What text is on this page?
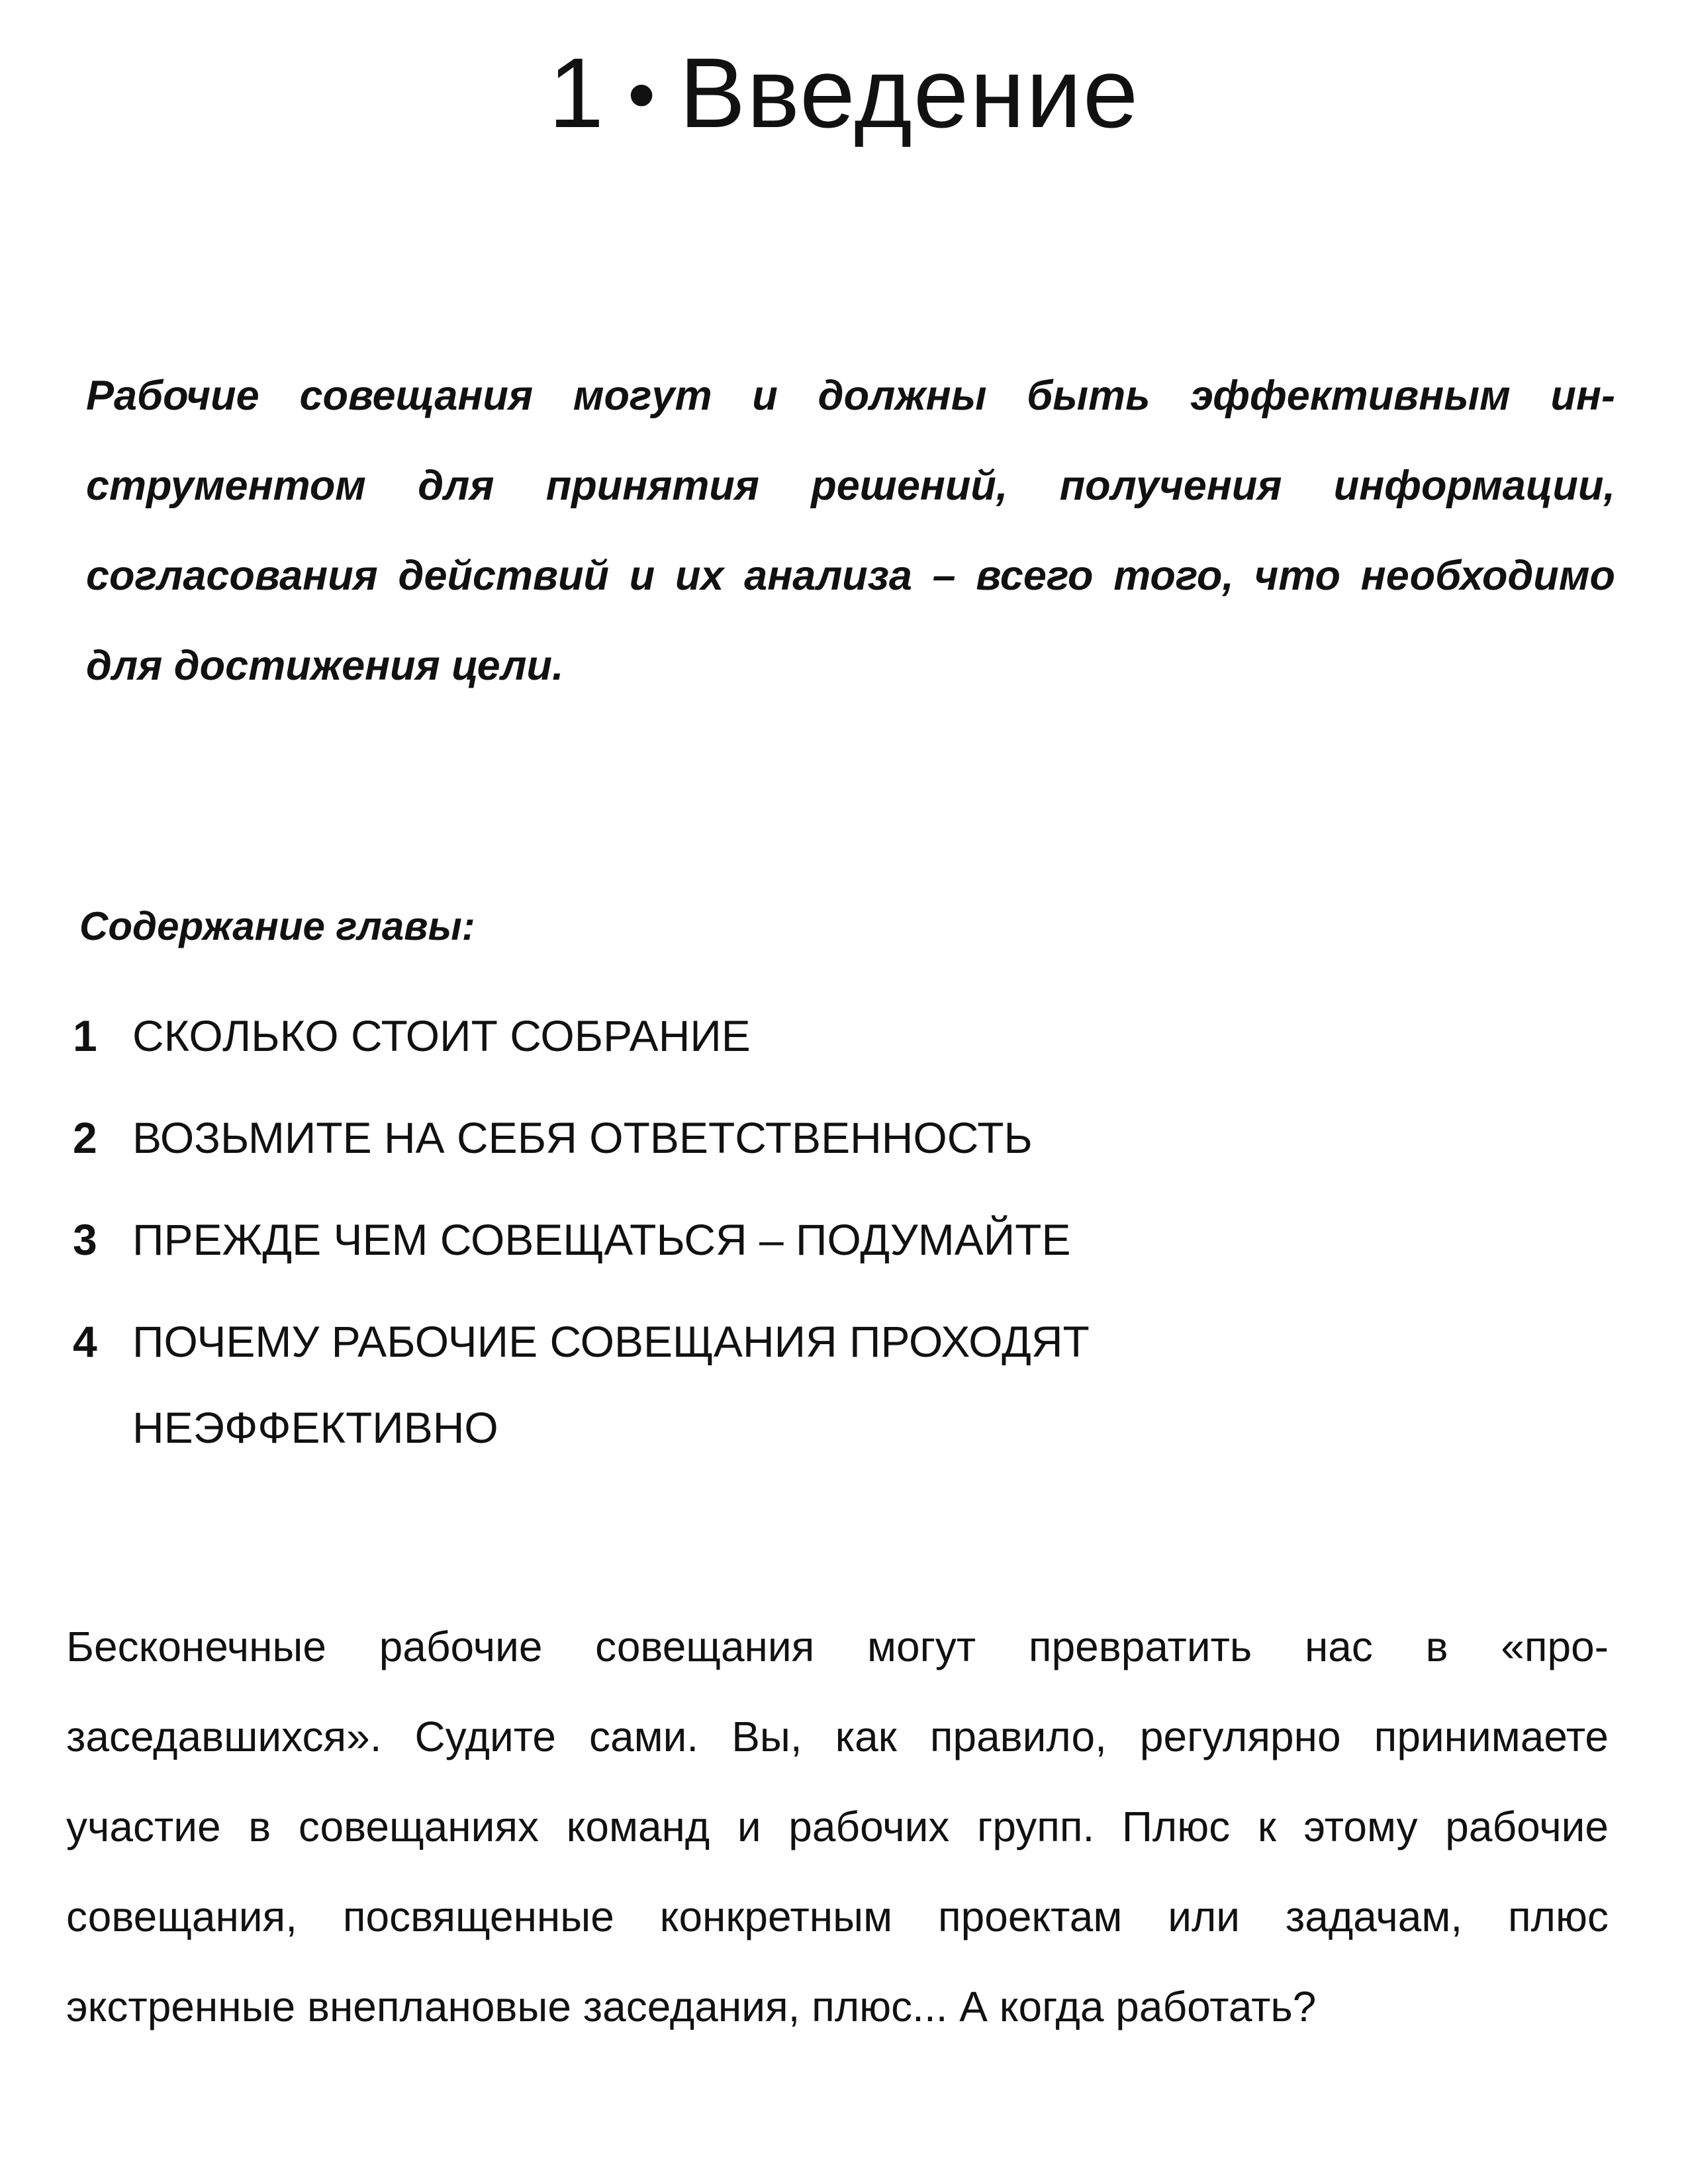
1 • Введение

Рабочие совещания могут и должны быть эффективным инструментом для принятия решений, получения информации, согласования действий и их анализа – всего того, что необходимо для достижения цели.

Содержание главы:
1 СКОЛЬКО СТОИТ СОБРАНИЕ
2 ВОЗЬМИТЕ НА СЕБЯ ОТВЕТСТВЕННОСТЬ
3 ПРЕЖДЕ ЧЕМ СОВЕЩАТЬСЯ – ПОДУМАЙТЕ
4 ПОЧЕМУ РАБОЧИЕ СОВЕЩАНИЯ ПРОХОДЯТ НЕЭФФЕКТИВНО

Бесконечные рабочие совещания могут превратить нас в «прозаседавшихся». Судите сами. Вы, как правило, регулярно принимаете участие в совещаниях команд и рабочих групп. Плюс к этому рабочие совещания, посвященные конкретным проектам или задачам, плюс экстренные внеплановые заседания, плюс... А когда работать?
